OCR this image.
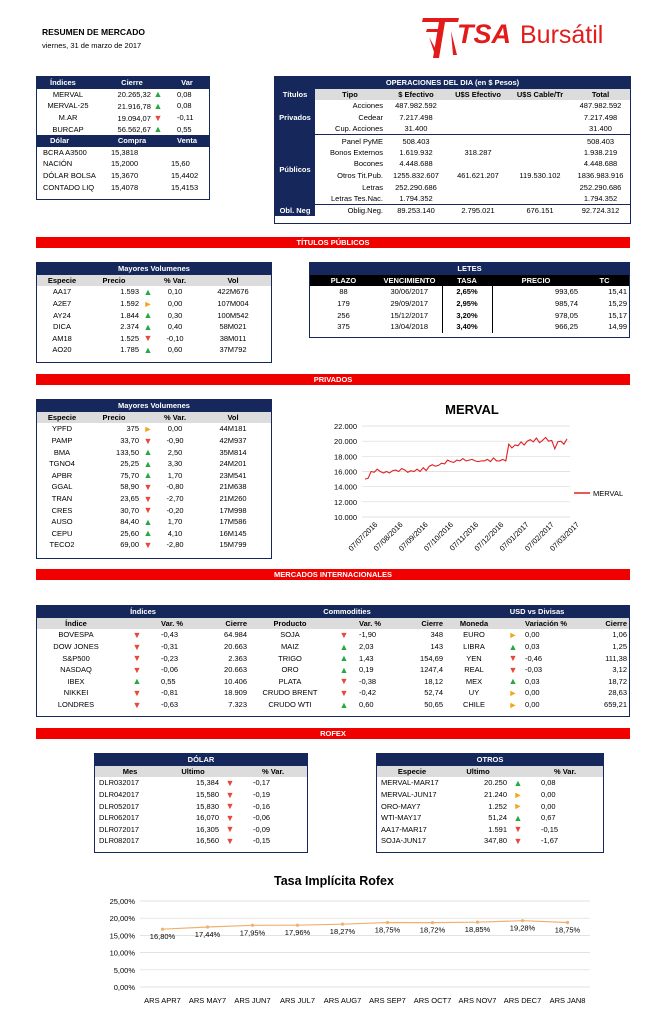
RESUMEN DE MERCADO
viernes, 31 de marzo de 2017	TSA Bursátil
Índices	Cierre	Var
MERVAL	20.265,32 ▲	0,08
MERVAL-25	21.916,78 ▲	0,08
M.AR	19.094,07 ▼	-0,11
BURCAP	56.562,67 ▲	0,55
Dólar	Compra	Venta
BCRA A3500	15,3818	
NACIÓN	15,2000	15,60
DÓLAR BOLSA	15,3670	15,4402
CONTADO LIQ	15,4078	15,4153
OPERACIONES DEL DIA (en $ Pesos)					
Títulos	Tipo	$ Efectivo	U$S Efectivo	U$S Cable/Tr	Total
Privados	Acciones	487.982.592			487.982.592
	Cedear	7.217.498			7.217.498
	Cup. Acciones	31.400			31.400
Públicos	Panel PyME	508.403			508.403
	Bonos Externos	1.619.932	318.287		1.938.219
	Bocones	4.448.688			4.448.688
	Otros Tit.Pub.	1255.832.607	461.621.207	119.530.102	1836.983.916
	Letras	252.290.686			252.290.686
	Letras Tes.Nac.	1.794.352			1.794.352
Obl. Neg	Oblig.Neg.	89.253.140	2.795.021	676.151	92.724.312
TÍTULOS PÚBLICOS
Mayores Volumenes				
Especie	Precio		% Var.	Vol
AA17	1.593	▲	0,10	422M676
A2E7	1.592	►	0,00	107M004
AY24	1.844	▲	0,30	100M542
DICA	2.374	▲	0,40	58M021
AM18	1.525	▼	-0,10	38M011
AO20	1.785	▲	0,60	37M792
LETES				
PLAZO	VENCIMIENTO	TASA	PRECIO	TC
88	30/06/2017	2,65%	993,65	15,41
179	29/09/2017	2,95%	985,74	15,29
256	15/12/2017	3,20%	978,05	15,17
375	13/04/2018	3,40%	966,25	14,99
PRIVADOS
Mayores Volumenes				
Especie	Precio		% Var.	Vol
YPFD	375	►	0,00	44M181
PAMP	33,70	▼	-0,90	42M937
BMA	133,50	▲	2,50	35M814
TGNO4	25,25	▲	3,30	24M201
APBR	75,70	▲	1,70	23M541
GGAL	58,90	▼	-0,80	21M638
TRAN	23,65	▼	-2,70	21M260
CRES	30,70	▼	-0,20	17M998
AUSO	84,40	▲	1,70	17M586
CEPU	25,60	▲	4,10	16M145
TECO2	69,00	▼	-2,80	15M799
MERVAL
10.000
12.000
14.000
16.000
18.000
20.000
22.000
07/07/2016
07/08/2016
07/09/2016
07/10/2016
07/11/2016
07/12/2016
07/01/2017
07/02/2017
07/03/2017
MERVAL
MERCADOS INTERNACIONALES
Índices				Commodities				USD vs Divisas			
Índice		Var. %	Cierre	Producto		Var. %	Cierre	Moneda		Variación %	Cierre
BOVESPA	▼	-0,43	64.984	SOJA	▼	-1,90	348	EURO	►	0,00	1,06
DOW JONES	▼	-0,31	20.663	MAIZ	▲	2,03	143	LIBRA	▲	0,03	1,25
S&P500	▼	-0,23	2.363	TRIGO	▲	1,43	154,69	YEN	▼	-0,46	111,38
NASDAQ	▼	-0,06	20.663	ORO	▲	0,19	1247,4	REAL	▼	-0,03	3,12
IBEX	▲	0,55	10.406	PLATA	▼	-0,38	18,12	MEX	▲	0,03	18,72
NIKKEI	▼	-0,81	18.909	CRUDO BRENT	▼	-0,42	52,74	UY	►	0,00	28,63
LONDRES	▼	-0,63	7.323	CRUDO WTI	▲	0,60	50,65	CHILE	►	0,00	659,21
ROFEX
DÓLAR			
Mes	Ultimo		% Var.
DLR032017	15,384	▼	-0,17
DLR042017	15,580	▼	-0,19
DLR052017	15,830	▼	-0,16
DLR062017	16,070	▼	-0,06
DLR072017	16,305	▼	-0,09
DLR082017	16,560	▼	-0,15
OTROS			
Especie	Ultimo		% Var.
MERVAL-MAR17	20.250	▲	0,08
MERVAL-JUN17	21.240	►	0,00
ORO-MAY7	1.252	►	0,00
WTI-MAY17	51,24	▲	0,67
AA17-MAR17	1.591	▼	-0,15
SOJA-JUN17	347,80	▼	-1,67
Tasa Implícita Rofex
0,00%
5,00%
10,00%
15,00%
20,00%
25,00%
16,80%	17,44%	17,95%	17,96%	18,27%	18,75%	18,72%	18,85%	19,28%	18,75%
ARS APR7 ARS MAY7 ARS JUN7 ARS JUL7 ARS AUG7 ARS SEP7 ARS OCT7 ARS NOV7 ARS DEC7 ARS JAN8
